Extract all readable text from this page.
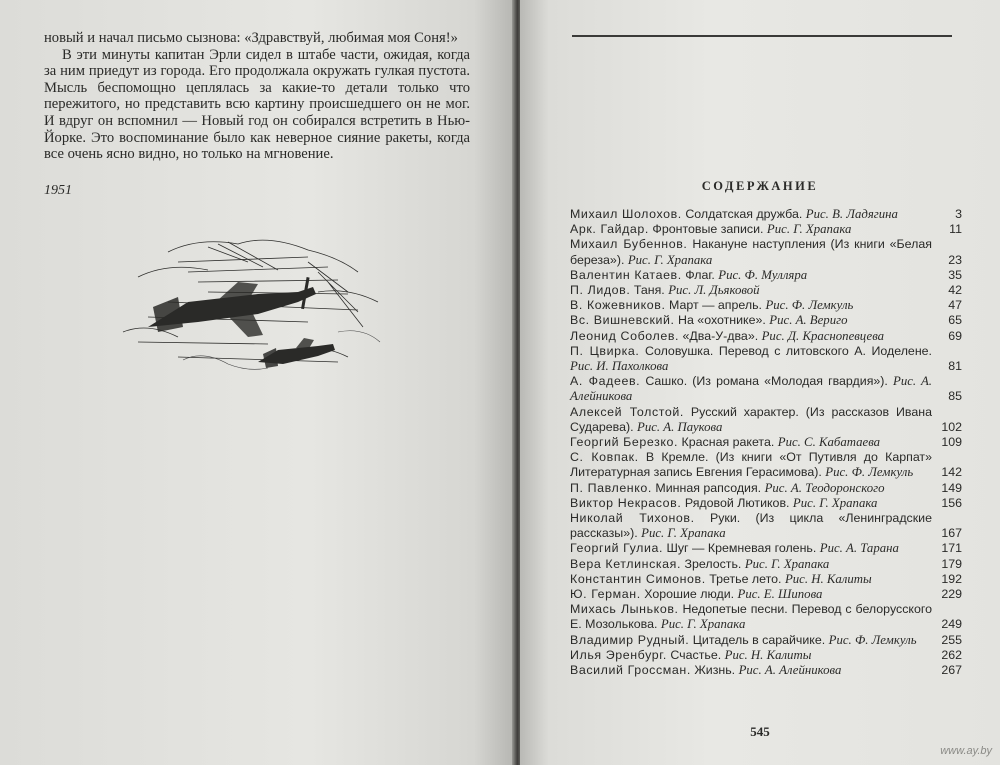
новый и начал письмо сызнова: «Здравствуй, любимая моя Соня!»

В эти минуты капитан Эрли сидел в штабе части, ожидая, когда за ним приедут из города. Его продолжала окружать гулкая пустота. Мысль беспомощно цеплялась за какие-то детали только что пережитого, но представить всю картину происшедшего он не мог. И вдруг он вспомнил — Новый год он собирался встретить в Нью-Йорке. Это воспоминание было как неверное сияние ракеты, когда все очень ясно видно, но только на мгновение.

1951	СОДЕРЖАНИЕ
Михаил Шолохов. Солдатская дружба. Рис. В. Ладягина	3
Арк. Гайдар. Фронтовые записи. Рис. Г. Храпака	11
Михаил Бубеннов. Накануне наступления (Из книги «Белая береза»). Рис. Г. Храпака	23
Валентин Катаев. Флаг. Рис. Ф. Мулляра	35
П. Лидов. Таня. Рис. Л. Дьяковой	42
В. Кожевников. Март — апрель. Рис. Ф. Лемкуль	47
Вс. Вишневский. На «охотнике». Рис. А. Вериго	65
Леонид Соболев. «Два-У-два». Рис. Д. Краснопевцева	69
П. Цвирка. Соловушка. Перевод с литовского А. Иоделене. Рис. И. Пахолкова	81
А. Фадеев. Сашко. (Из романа «Молодая гвардия»). Рис. А. Алейникова	85
Алексей Толстой. Русский характер. (Из рассказов Ивана Сударева). Рис. А. Паукова	102
Георгий Березко. Красная ракета. Рис. С. Кабатаева	109
С. Ковпак. В Кремле. (Из книги «От Путивля до Карпат» Литературная запись Евгения Герасимова). Рис. Ф. Лемкуль	142
П. Павленко. Минная рапсодия. Рис. А. Теодоронского	149
Виктор Некрасов. Рядовой Лютиков. Рис. Г. Храпака	156
Николай Тихонов. Руки. (Из цикла «Ленинградские рассказы»). Рис. Г. Храпака	167
Георгий Гулиа. Шуг — Кремневая голень. Рис. А. Тарана	171
Вера Кетлинская. Зрелость. Рис. Г. Храпака	179
Константин Симонов. Третье лето. Рис. Н. Калиты	192
Ю. Герман. Хорошие люди. Рис. Е. Шипова	229
Михась Лыньков. Недопетые песни. Перевод с белорусского Е. Мозолькова. Рис. Г. Храпака	249
Владимир Рудный. Цитадель в сарайчике. Рис. Ф. Лемкуль	255
Илья Эренбург. Счастье. Рис. Н. Калиты	262
Василий Гроссман. Жизнь. Рис. А. Алейникова	267
545
www.ay.by
